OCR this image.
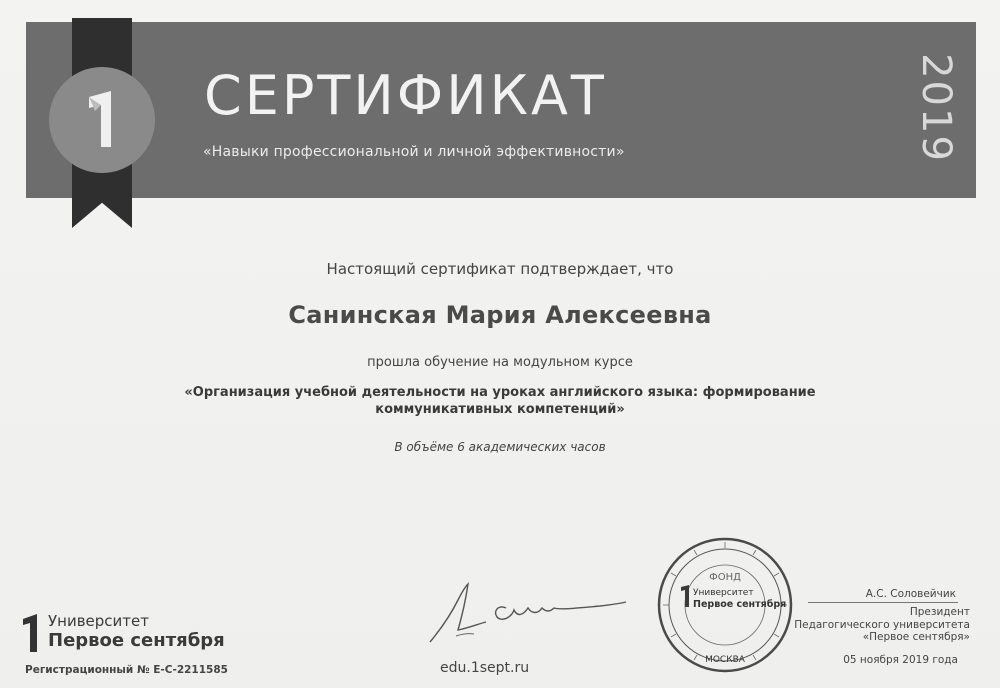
СЕРТИФИКАТ
«Навыки профессиональной и личной эффективности»	2019
Настоящий сертификат подтверждает, что
Санинская Мария Алексеевна
прошла обучение на модульном курсе
«Организация учебной деятельности на уроках английского языка: формирование
коммуникативных компетенций»
В объёме 6 академических часов
Университет
Первое сентября
Регистрационный № Е-С-2211585
ФОНД
Университет
Первое сентября
МОСКВА
edu.1sept.ru
А.С. Соловейчик
Президент
Педагогического университета
«Первое сентября»
05 ноября 2019 года
